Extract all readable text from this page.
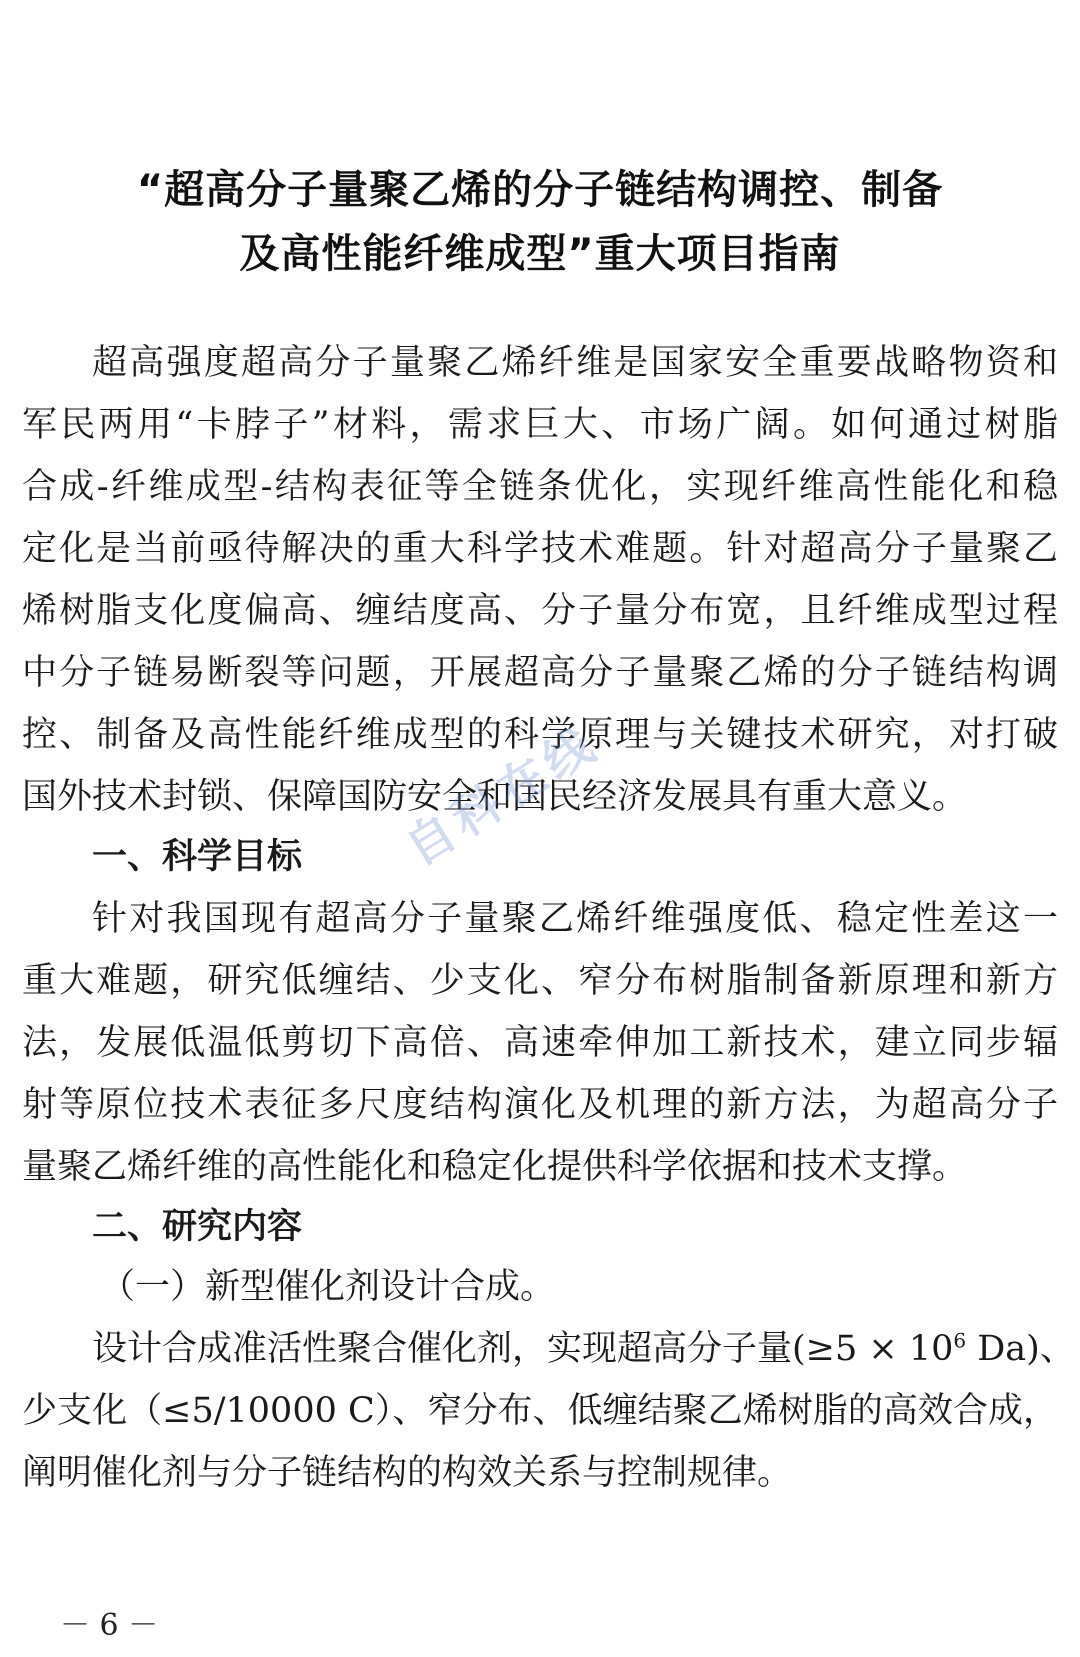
“超高分子量聚乙烯的分子链结构调控、制备
及高性能纤维成型”重大项目指南
超高强度超高分子量聚乙烯纤维是国家安全重要战略物资和
军民两用“卡脖子”材料，需求巨大、市场广阔。如何通过树脂
合成-纤维成型-结构表征等全链条优化，实现纤维高性能化和稳
定化是当前亟待解决的重大科学技术难题。针对超高分子量聚乙
烯树脂支化度偏高、缠结度高、分子量分布宽，且纤维成型过程
中分子链易断裂等问题，开展超高分子量聚乙烯的分子链结构调
控、制备及高性能纤维成型的科学原理与关键技术研究，对打破
国外技术封锁、保障国防安全和国民经济发展具有重大意义。
一、科学目标
针对我国现有超高分子量聚乙烯纤维强度低、稳定性差这一
重大难题，研究低缠结、少支化、窄分布树脂制备新原理和新方
法，发展低温低剪切下高倍、高速牵伸加工新技术，建立同步辐
射等原位技术表征多尺度结构演化及机理的新方法，为超高分子
量聚乙烯纤维的高性能化和稳定化提供科学依据和技术支撑。
二、研究内容
（一）新型催化剂设计合成。
设计合成准活性聚合催化剂，实现超高分子量($\ge 5 \times 10^6$ Da)、
少支化（≤5/10000 C）、窄分布、低缠结聚乙烯树脂的高效合成，
阐明催化剂与分子链结构的构效关系与控制规律。
自科在线
－ 6 －
